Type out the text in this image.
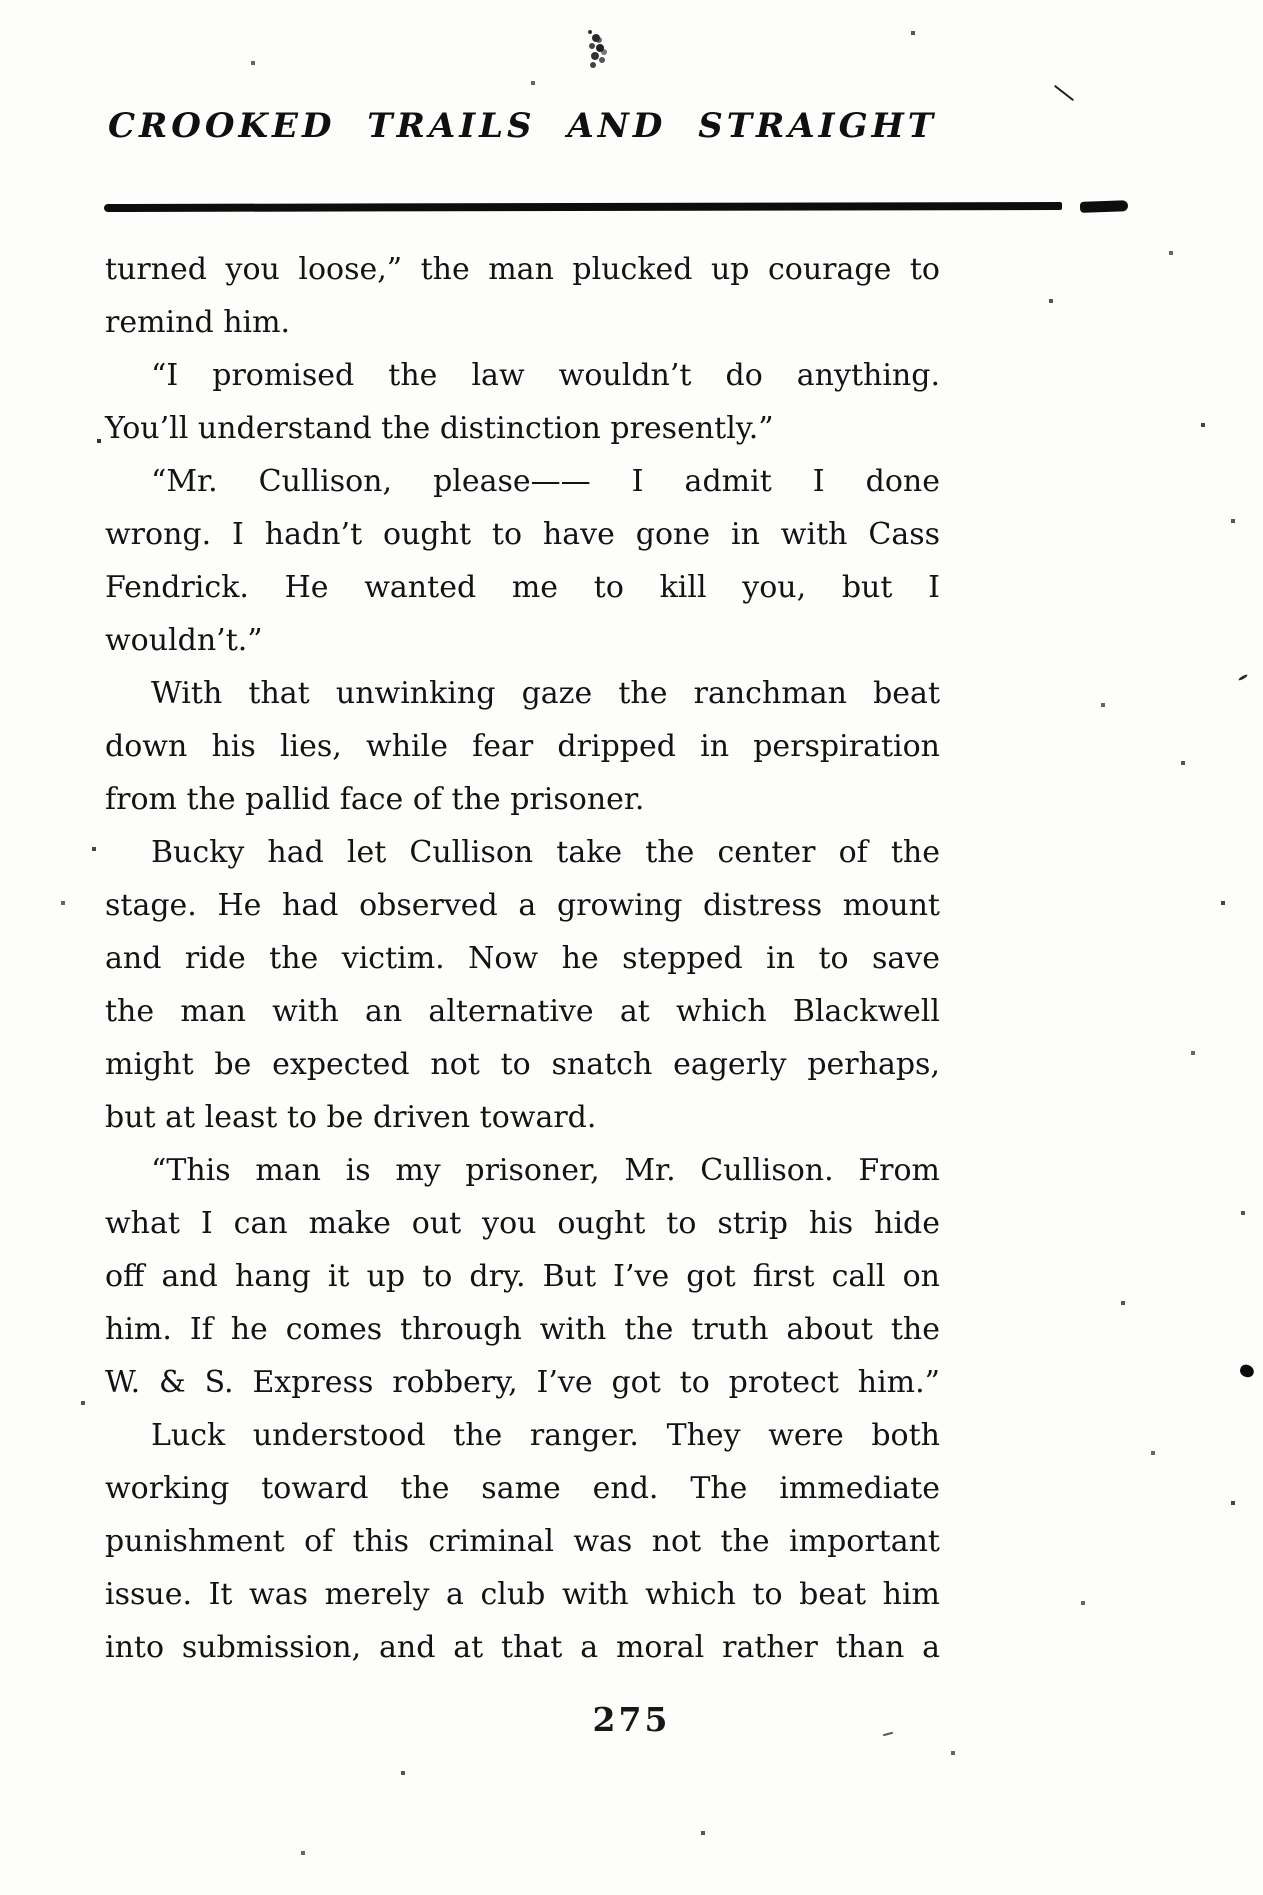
CROOKED TRAILS AND STRAIGHT
turned you loose,” the man plucked up courage to
remind him.
“I promised the law wouldn’t do anything.
You’ll understand the distinction presently.”
“Mr. Cullison, please—— I admit I done
wrong. I hadn’t ought to have gone in with Cass
Fendrick. He wanted me to kill you, but I
wouldn’t.”
With that unwinking gaze the ranchman beat
down his lies, while fear dripped in perspiration
from the pallid face of the prisoner.
Bucky had let Cullison take the center of the
stage. He had observed a growing distress mount
and ride the victim. Now he stepped in to save
the man with an alternative at which Blackwell
might be expected not to snatch eagerly perhaps,
but at least to be driven toward.
“This man is my prisoner, Mr. Cullison. From
what I can make out you ought to strip his hide
off and hang it up to dry. But I’ve got first call on
him. If he comes through with the truth about the
W. & S. Express robbery, I’ve got to protect him.”
Luck understood the ranger. They were both
working toward the same end. The immediate
punishment of this criminal was not the important
issue. It was merely a club with which to beat him
into submission, and at that a moral rather than a
275
